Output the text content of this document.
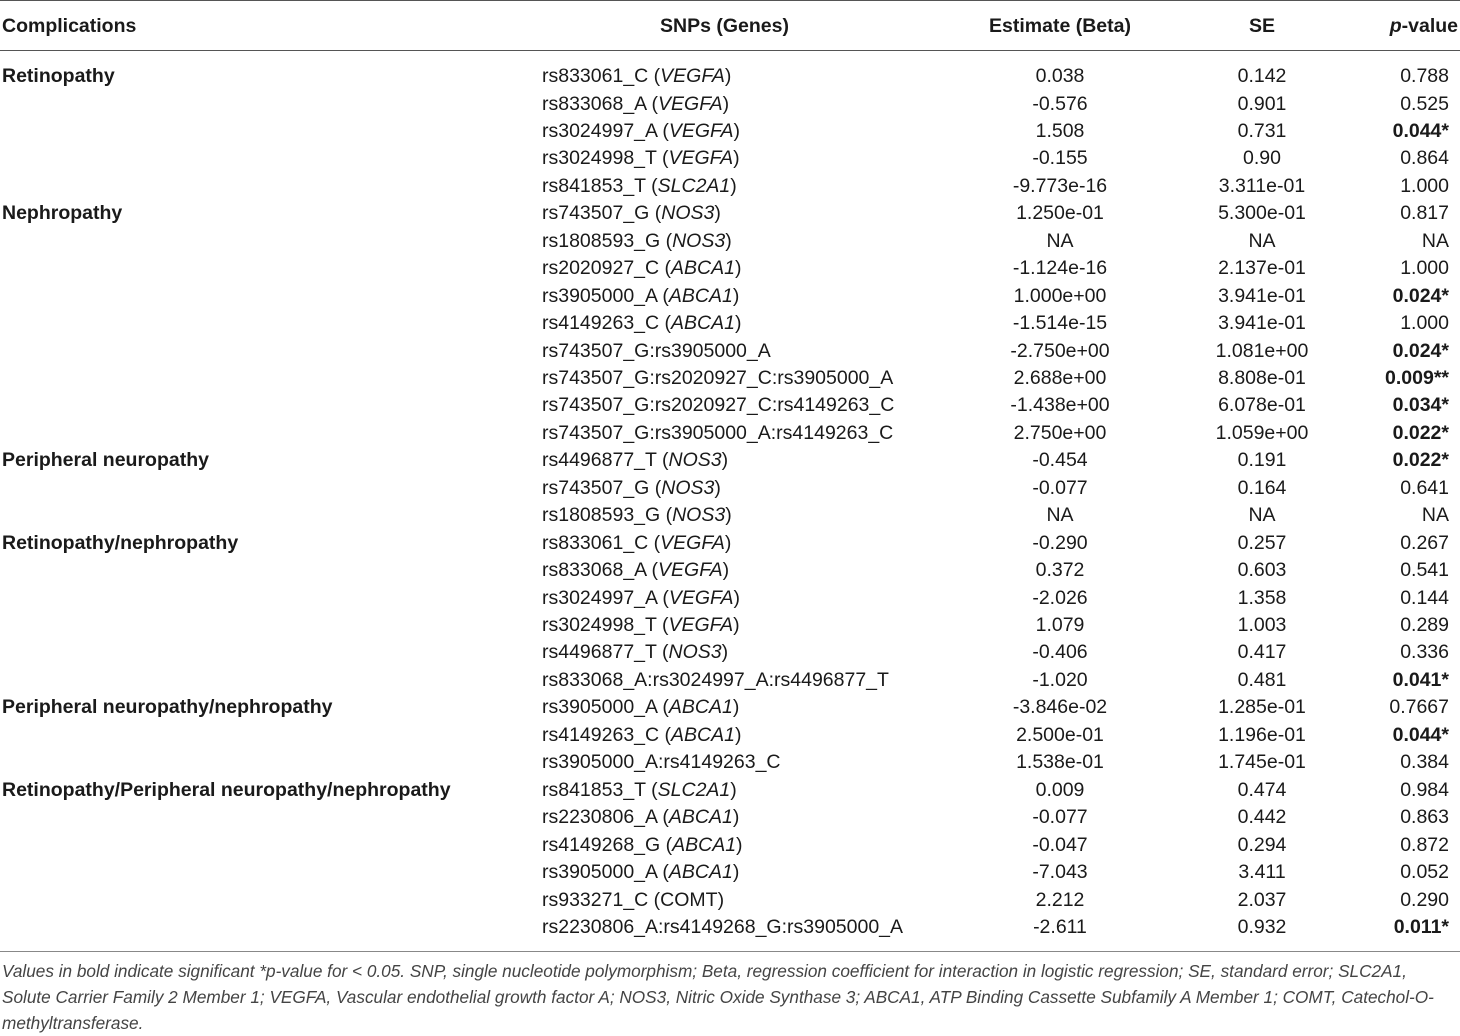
Complications	SNPs (Genes)	Estimate (Beta)	SE	p-value
Retinopathy	rs833061_C (VEGFA)	0.038	0.142	0.788
rs833068_A (VEGFA)	-0.576	0.901	0.525
rs3024997_A (VEGFA)	1.508	0.731	0.044*
rs3024998_T (VEGFA)	-0.155	0.90	0.864
rs841853_T (SLC2A1)	-9.773e-16	3.311e-01	1.000
Nephropathy	rs743507_G (NOS3)	1.250e-01	5.300e-01	0.817
rs1808593_G (NOS3)	NA	NA	NA
rs2020927_C (ABCA1)	-1.124e-16	2.137e-01	1.000
rs3905000_A (ABCA1)	1.000e+00	3.941e-01	0.024*
rs4149263_C (ABCA1)	-1.514e-15	3.941e-01	1.000
rs743507_G:rs3905000_A	-2.750e+00	1.081e+00	0.024*
rs743507_G:rs2020927_C:rs3905000_A	2.688e+00	8.808e-01	0.009**
rs743507_G:rs2020927_C:rs4149263_C	-1.438e+00	6.078e-01	0.034*
rs743507_G:rs3905000_A:rs4149263_C	2.750e+00	1.059e+00	0.022*
Peripheral neuropathy	rs4496877_T (NOS3)	-0.454	0.191	0.022*
rs743507_G (NOS3)	-0.077	0.164	0.641
rs1808593_G (NOS3)	NA	NA	NA
Retinopathy/nephropathy	rs833061_C (VEGFA)	-0.290	0.257	0.267
rs833068_A (VEGFA)	0.372	0.603	0.541
rs3024997_A (VEGFA)	-2.026	1.358	0.144
rs3024998_T (VEGFA)	1.079	1.003	0.289
rs4496877_T (NOS3)	-0.406	0.417	0.336
rs833068_A:rs3024997_A:rs4496877_T	-1.020	0.481	0.041*
Peripheral neuropathy/nephropathy	rs3905000_A (ABCA1)	-3.846e-02	1.285e-01	0.7667
rs4149263_C (ABCA1)	2.500e-01	1.196e-01	0.044*
rs3905000_A:rs4149263_C	1.538e-01	1.745e-01	0.384
Retinopathy/Peripheral neuropathy/nephropathy	rs841853_T (SLC2A1)	0.009	0.474	0.984
rs2230806_A (ABCA1)	-0.077	0.442	0.863
rs4149268_G (ABCA1)	-0.047	0.294	0.872
rs3905000_A (ABCA1)	-7.043	3.411	0.052
rs933271_C (COMT)	2.212	2.037	0.290
rs2230806_A:rs4149268_G:rs3905000_A	-2.611	0.932	0.011*
Values in bold indicate significant *p-value for < 0.05. SNP, single nucleotide polymorphism; Beta, regression coefficient for interaction in logistic regression; SE, standard error; SLC2A1, Solute Carrier Family 2 Member 1; VEGFA, Vascular endothelial growth factor A; NOS3, Nitric Oxide Synthase 3; ABCA1, ATP Binding Cassette Subfamily A Member 1; COMT, Catechol-O-methyltransferase.
